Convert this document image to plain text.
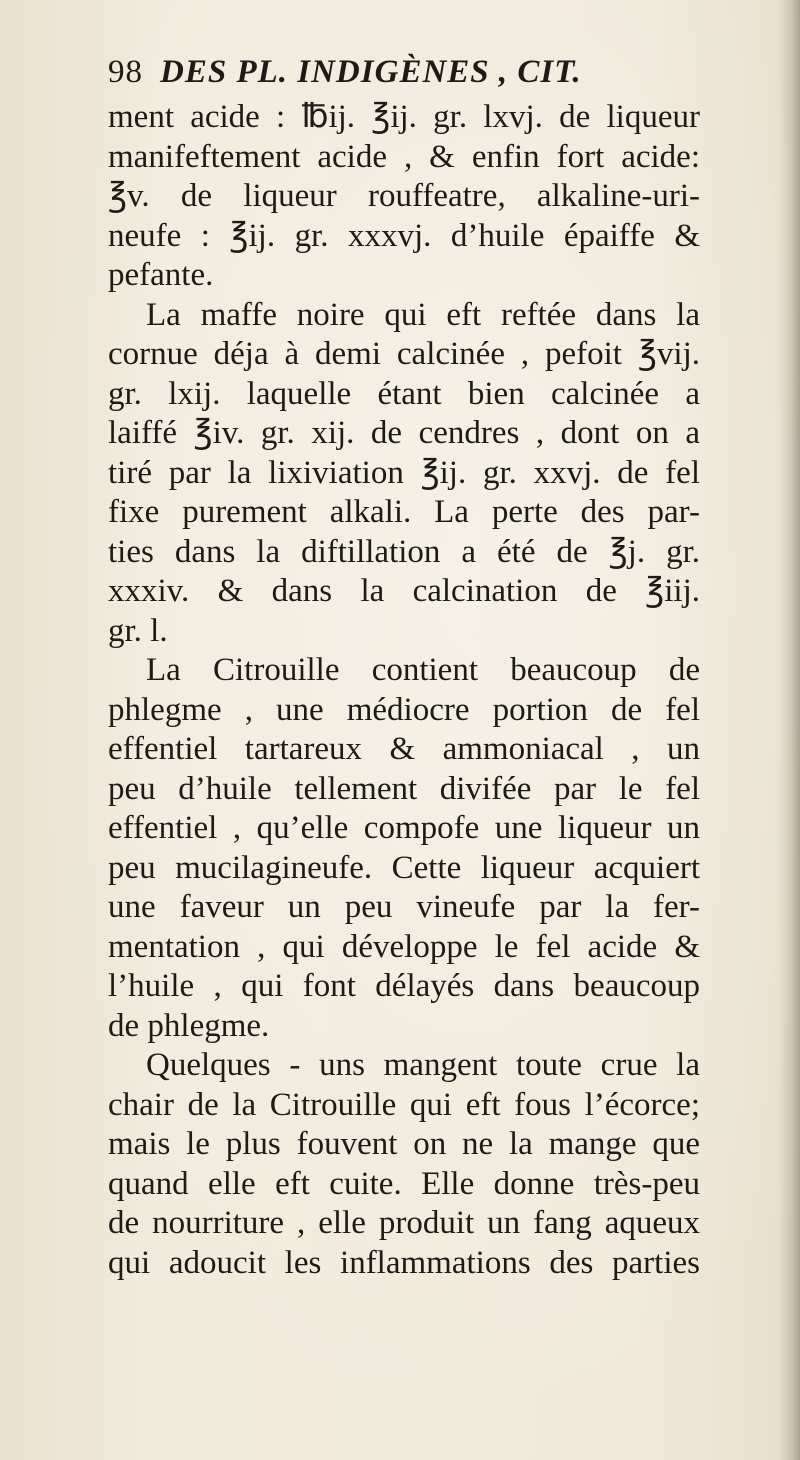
98 DES PL. INDIGÈNES , CIT.
ment acide : ℔ij. ℥ij. gr. lxvj. de liqueur
manifeftement acide , & enfin fort acide:
℥v. de liqueur rouffeatre, alkaline-uri-
neufe : ℥ij. gr. xxxvj. d’huile épaiffe &
pefante.
La maffe noire qui eft reftée dans la
cornue déja à demi calcinée , pefoit ℥vij.
gr. lxij. laquelle étant bien calcinée a
laiffé ℥iv. gr. xij. de cendres , dont on a
tiré par la lixiviation ℥ij. gr. xxvj. de fel
fixe purement alkali. La perte des par-
ties dans la diftillation a été de ℥j. gr.
xxxiv. & dans la calcination de ℥iij.
gr. l.
La Citrouille contient beaucoup de
phlegme , une médiocre portion de fel
effentiel tartareux & ammoniacal , un
peu d’huile tellement divifée par le fel
effentiel , qu’elle compofe une liqueur un
peu mucilagineufe. Cette liqueur acquiert
une faveur un peu vineufe par la fer-
mentation , qui développe le fel acide &
l’huile , qui font délayés dans beaucoup
de phlegme.
Quelques - uns mangent toute crue la
chair de la Citrouille qui eft fous l’écorce;
mais le plus fouvent on ne la mange que
quand elle eft cuite. Elle donne très-peu
de nourriture , elle produit un fang aqueux
qui adoucit les inflammations des parties
